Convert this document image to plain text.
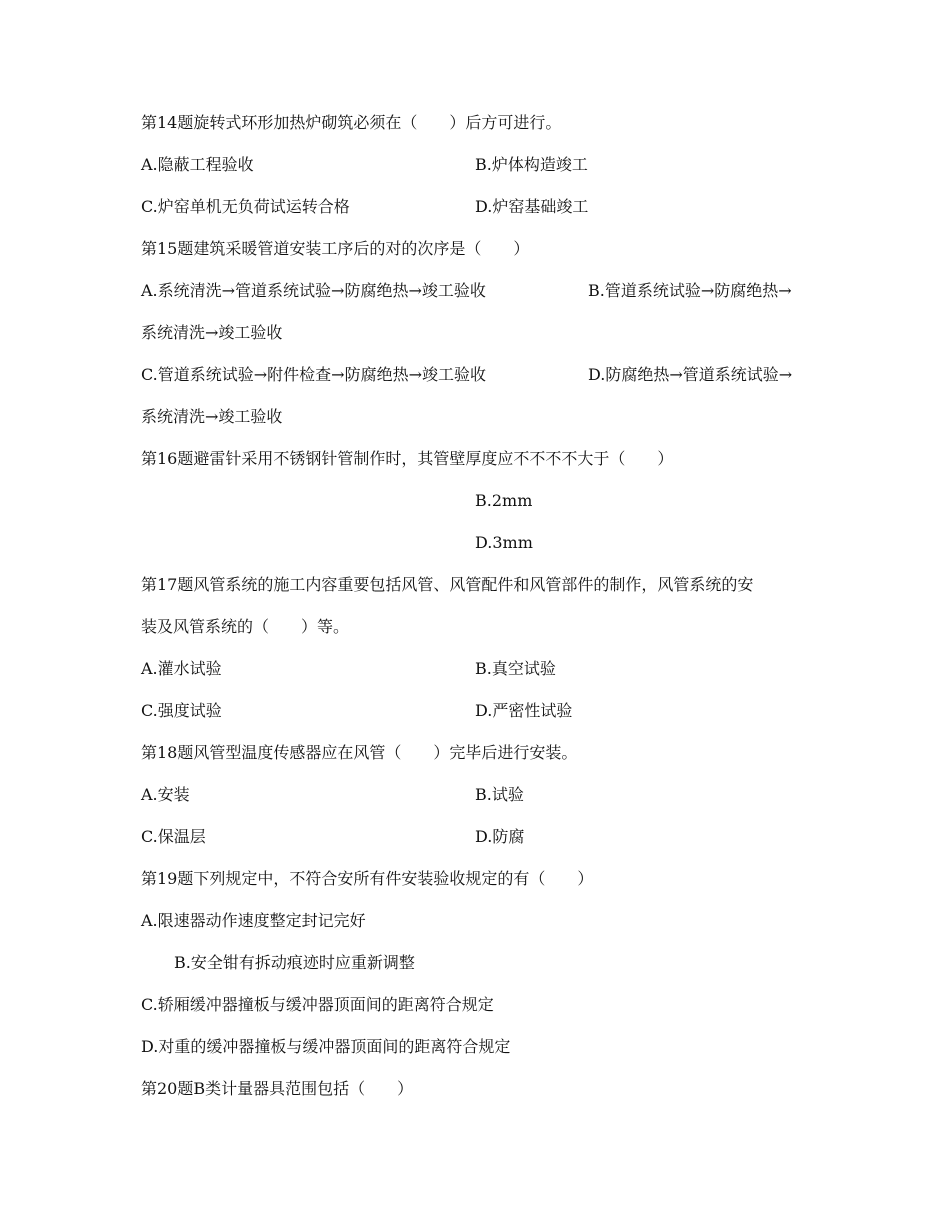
第14题旋转式环形加热炉砌筑必须在（　　）后方可进行。
A.隐蔽工程验收	B.炉体构造竣工
C.炉窑单机无负荷试运转合格	D.炉窑基础竣工
第15题建筑采暖管道安装工序后的对的次序是（　　）
A.系统清洗→管道系统试验→防腐绝热→竣工验收	B.管道系统试验→防腐绝热→
系统清洗→竣工验收
C.管道系统试验→附件检查→防腐绝热→竣工验收	D.防腐绝热→管道系统试验→
系统清洗→竣工验收
第16题避雷针采用不锈钢针管制作时，其管壁厚度应不不不不大于（　　）
B.2mm
D.3mm
第17题风管系统的施工内容重要包括风管、风管配件和风管部件的制作，风管系统的安
装及风管系统的（　　）等。
A.灌水试验	B.真空试验
C.强度试验	D.严密性试验
第18题风管型温度传感器应在风管（　　）完毕后进行安装。
A.安装	B.试验
C.保温层	D.防腐
第19题下列规定中，不符合安所有件安装验收规定的有（　　）
A.限速器动作速度整定封记完好
B.安全钳有拆动痕迹时应重新调整
C.轿厢缓冲器撞板与缓冲器顶面间的距离符合规定
D.对重的缓冲器撞板与缓冲器顶面间的距离符合规定
第20题B类计量器具范围包括（　　）
